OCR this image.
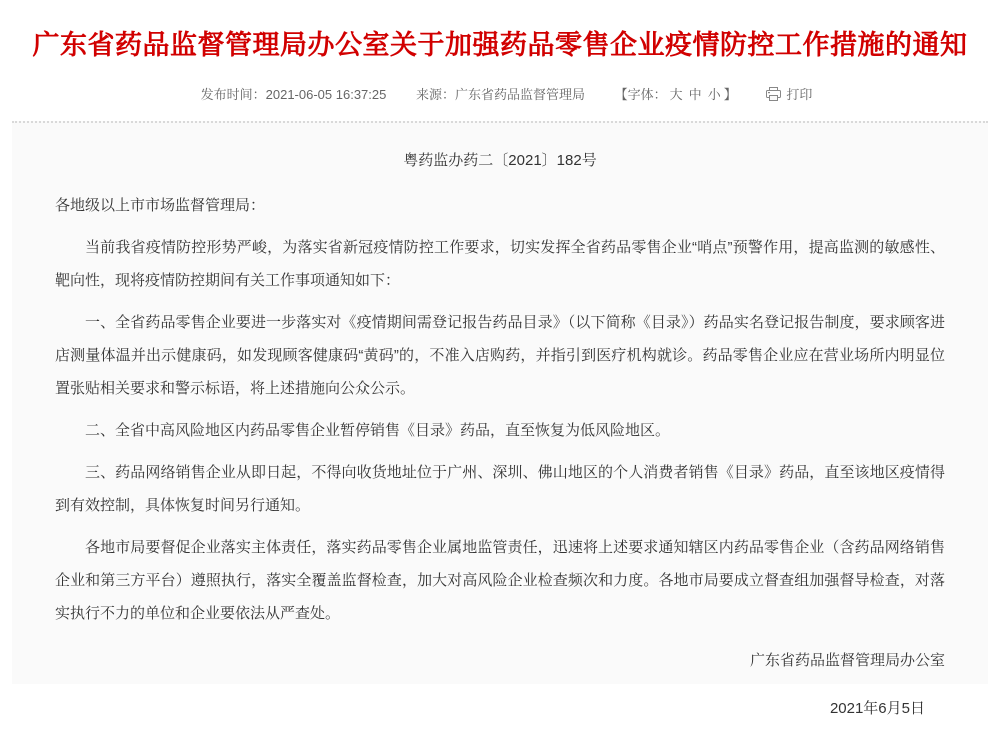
广东省药品监督管理局办公室关于加强药品零售企业疫情防控工作措施的通知
发布时间：2021-06-05 16:37:25 来源：广东省药品监督管理局 【字体： 大 中 小 】	打印

粤药监办药二〔2021〕182号

各地级以上市市场监督管理局：

当前我省疫情防控形势严峻，为落实省新冠疫情防控工作要求，切实发挥全省药品零售企业“哨点”预警作用，提高监测的敏感性、靶向性，现将疫情防控期间有关工作事项通知如下：

一、全省药品零售企业要进一步落实对《疫情期间需登记报告药品目录》（以下简称《目录》）药品实名登记报告制度，要求顾客进店测量体温并出示健康码，如发现顾客健康码“黄码”的，不准入店购药，并指引到医疗机构就诊。药品零售企业应在营业场所内明显位置张贴相关要求和警示标语，将上述措施向公众公示。

二、全省中高风险地区内药品零售企业暂停销售《目录》药品，直至恢复为低风险地区。

三、药品网络销售企业从即日起，不得向收货地址位于广州、深圳、佛山地区的个人消费者销售《目录》药品，直至该地区疫情得到有效控制，具体恢复时间另行通知。

各地市局要督促企业落实主体责任，落实药品零售企业属地监管责任，迅速将上述要求通知辖区内药品零售企业（含药品网络销售企业和第三方平台）遵照执行，落实全覆盖监督检查，加大对高风险企业检查频次和力度。各地市局要成立督查组加强督导检查，对落实执行不力的单位和企业要依法从严查处。

广东省药品监督管理局办公室

2021年6月5日
